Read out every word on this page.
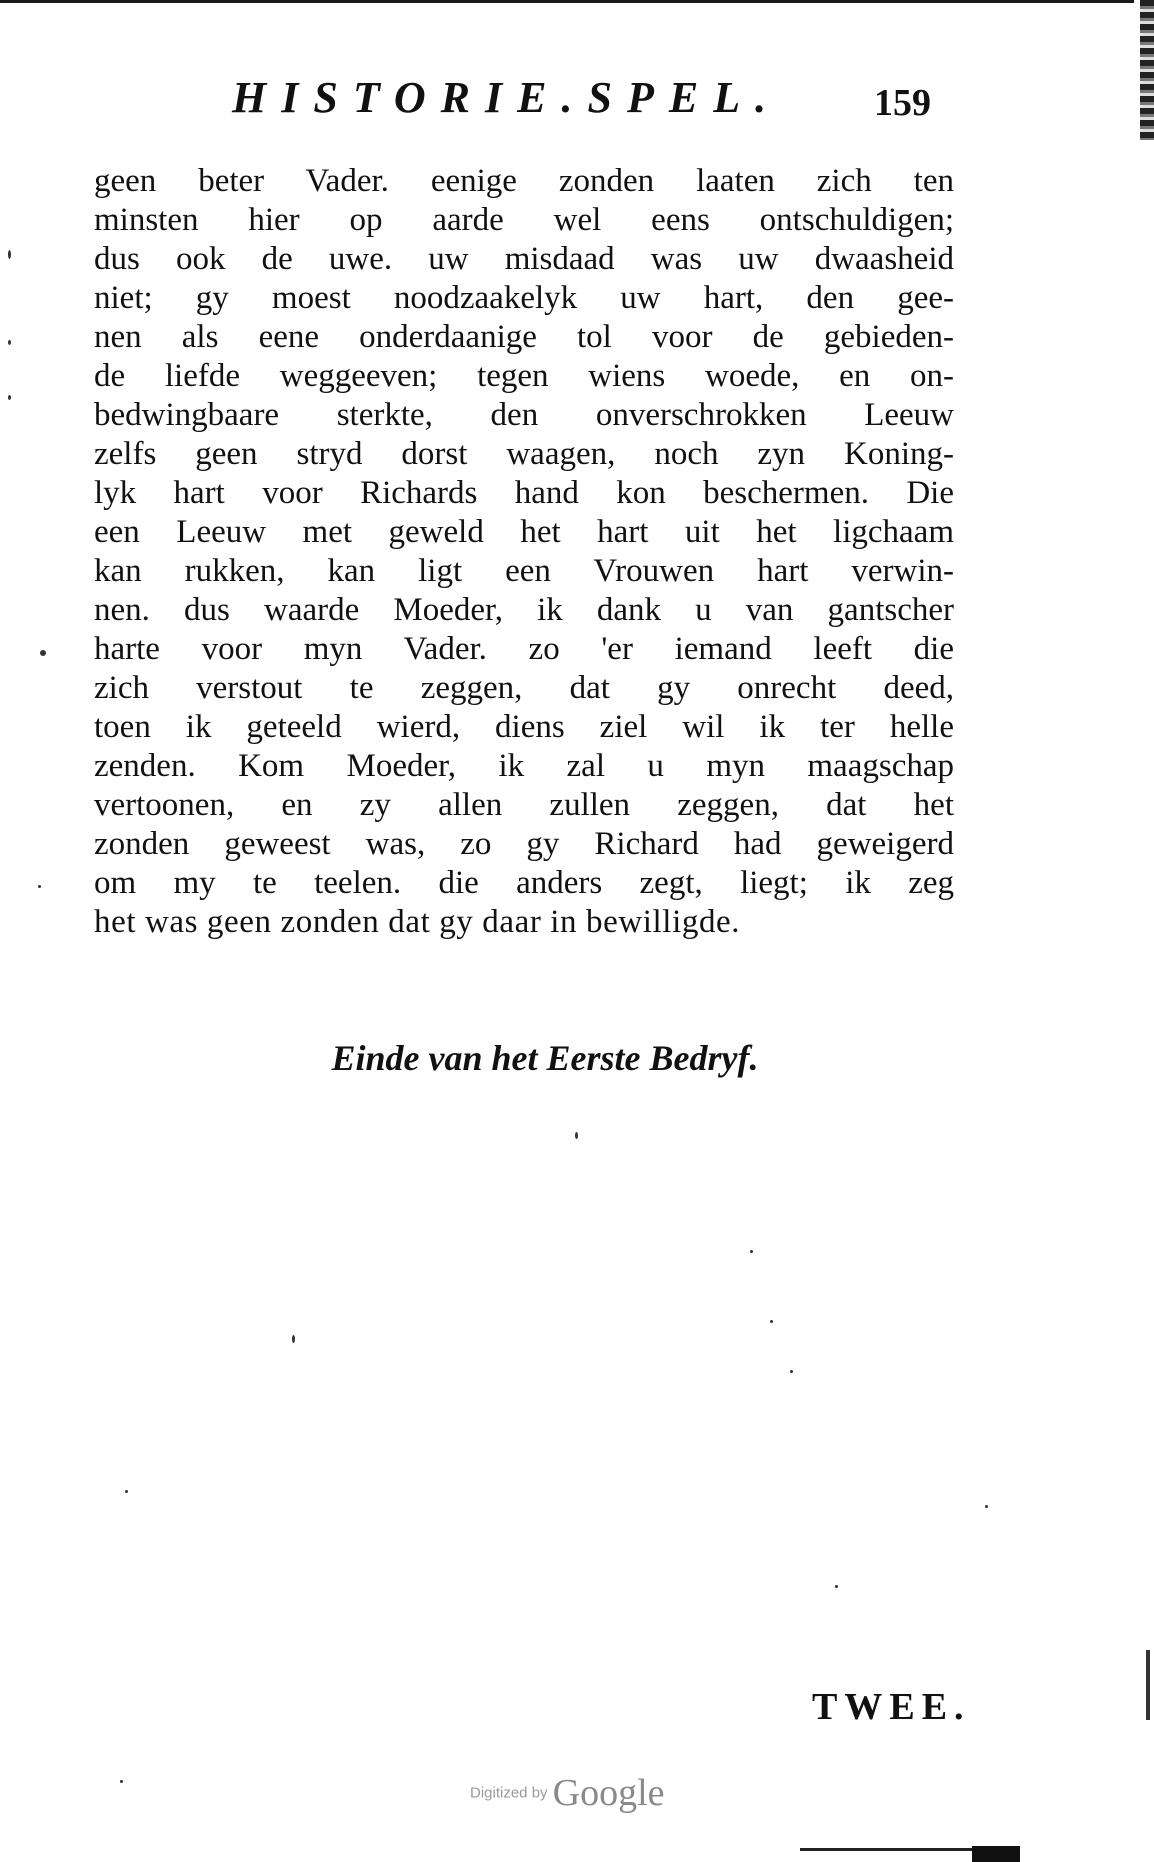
HISTORIE.SPEL. 159
geen beter Vader. eenige zonden laaten zich ten
minsten hier op aarde wel eens ontschuldigen;
dus ook de uwe. uw misdaad was uw dwaasheid
niet; gy moest noodzaakelyk uw hart, den gee-
nen als eene onderdaanige tol voor de gebieden-
de liefde weggeeven; tegen wiens woede, en on-
bedwingbaare sterkte, den onverschrokken Leeuw
zelfs geen stryd dorst waagen, noch zyn Koning-
lyk hart voor Richards hand kon beschermen. Die
een Leeuw met geweld het hart uit het ligchaam
kan rukken, kan ligt een Vrouwen hart verwin-
nen. dus waarde Moeder, ik dank u van gantscher
harte voor myn Vader. zo 'er iemand leeft die
zich verstout te zeggen, dat gy onrecht deed,
toen ik geteeld wierd, diens ziel wil ik ter helle
zenden. Kom Moeder, ik zal u myn maagschap
vertoonen, en zy allen zullen zeggen, dat het
zonden geweest was, zo gy Richard had geweigerd
om my te teelen. die anders zegt, liegt; ik zeg
het was geen zonden dat gy daar in bewilligde.
Einde van het Eerste Bedryf.
TWEE.
Digitized by Google
